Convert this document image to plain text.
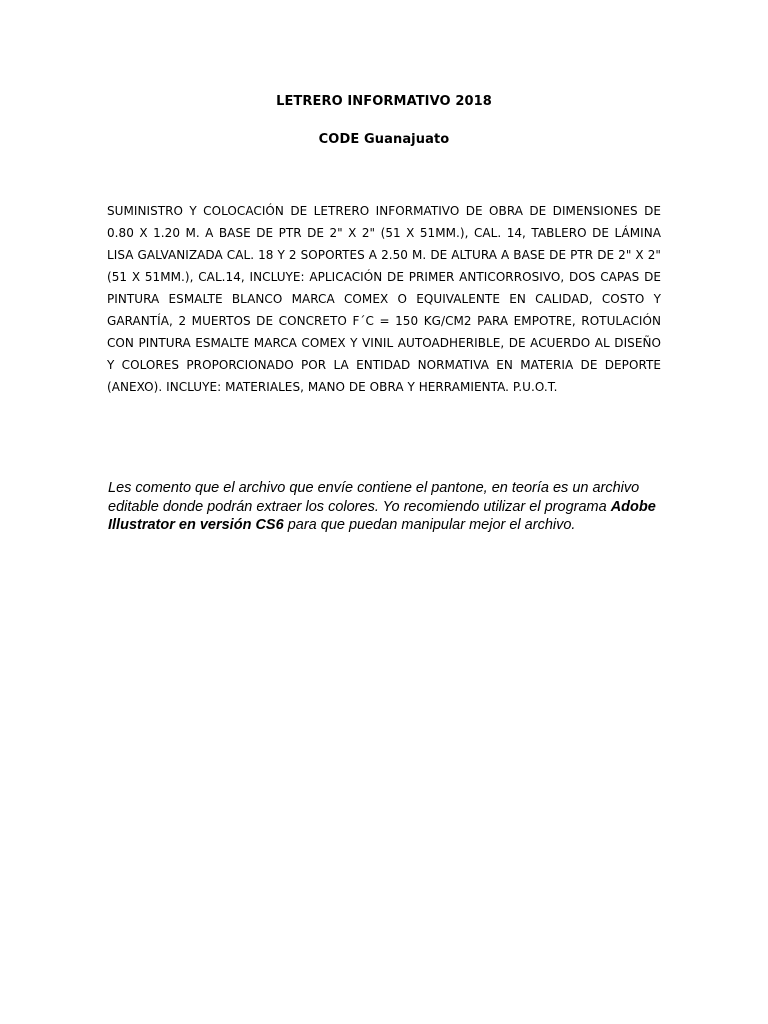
LETRERO INFORMATIVO 2018
CODE Guanajuato
SUMINISTRO Y COLOCACIÓN DE LETRERO INFORMATIVO DE OBRA DE DIMENSIONES DE 0.80 X 1.20 M. A BASE DE PTR DE 2" X 2" (51 X 51MM.), CAL. 14, TABLERO DE LÁMINA LISA GALVANIZADA CAL. 18 Y 2 SOPORTES A 2.50 M. DE ALTURA A BASE DE PTR DE 2" X 2" (51 X 51MM.), CAL.14, INCLUYE: APLICACIÓN DE PRIMER ANTICORROSIVO, DOS CAPAS DE PINTURA ESMALTE BLANCO MARCA COMEX O EQUIVALENTE EN CALIDAD, COSTO Y GARANTÍA, 2 MUERTOS DE CONCRETO F´C = 150 KG/CM2 PARA EMPOTRE, ROTULACIÓN CON PINTURA ESMALTE MARCA COMEX Y VINIL AUTOADHERIBLE, DE ACUERDO AL DISEÑO Y COLORES PROPORCIONADO POR LA ENTIDAD NORMATIVA EN MATERIA DE DEPORTE (ANEXO). INCLUYE: MATERIALES, MANO DE OBRA Y HERRAMIENTA. P.U.O.T.
Les comento que el archivo que envíe contiene el pantone, en teoría es un archivo editable donde podrán extraer los colores. Yo recomiendo utilizar el programa Adobe Illustrator en versión CS6 para que puedan manipular mejor el archivo.
